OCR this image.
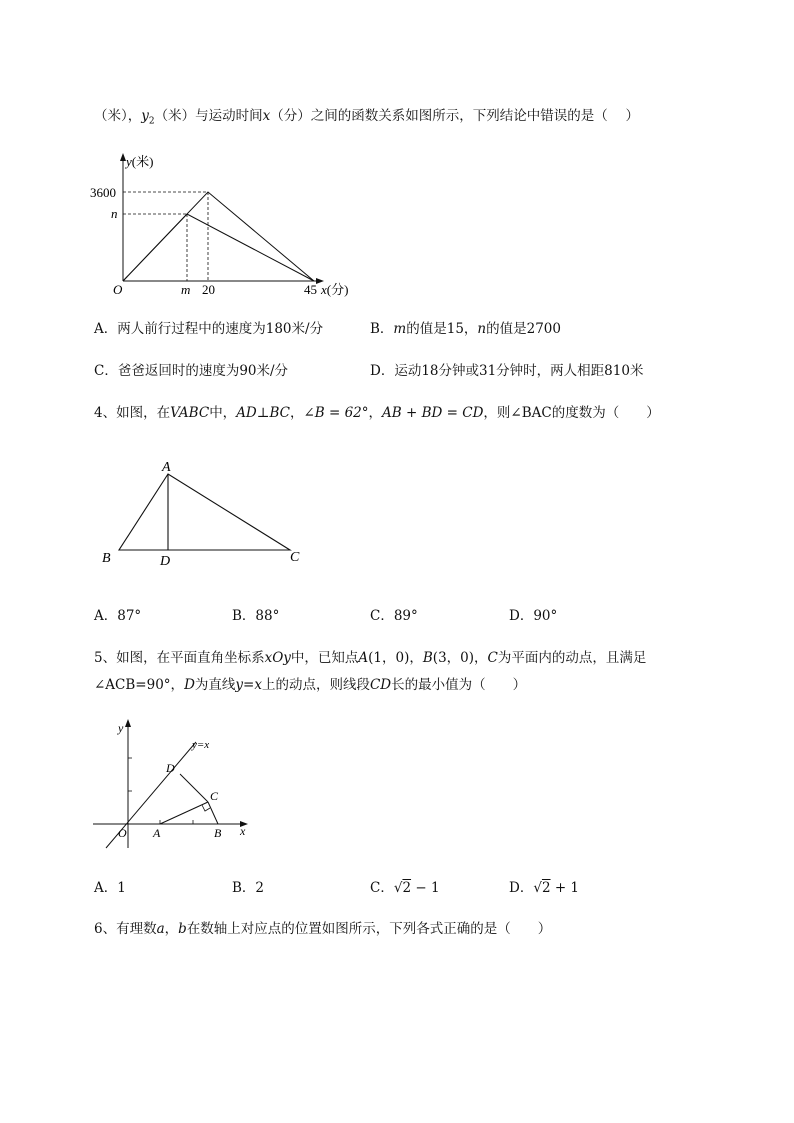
（米），$y_2$（米）与运动时间x（分）之间的函数关系如图所示，下列结论中错误的是（　 ）
y(米)
3600
n
O	m 20	45 x(分)
A．两人前行过程中的速度为180米/分	B．m的值是15，n的值是2700
C．爸爸返回时的速度为90米/分	D．运动18分钟或31分钟时，两人相距810米
4、如图，在VABC中，AD⊥BC，∠B = 62°，AB + BD = CD，则∠BAC的度数为（　　）
A
B	D	C
A．87°	B．88°	C．89°	D．90°
5、如图，在平面直角坐标系xOy中，已知点A(1，0)，B(3，0)，C为平面内的动点，且满足
∠ACB=90°，D为直线y=x上的动点，则线段CD长的最小值为（　　）
y
x
y=x
O A	B
C
D
A．1	B．2	C．√2 − 1	D．√2 + 1
6、有理数a，b在数轴上对应点的位置如图所示，下列各式正确的是（　　）
